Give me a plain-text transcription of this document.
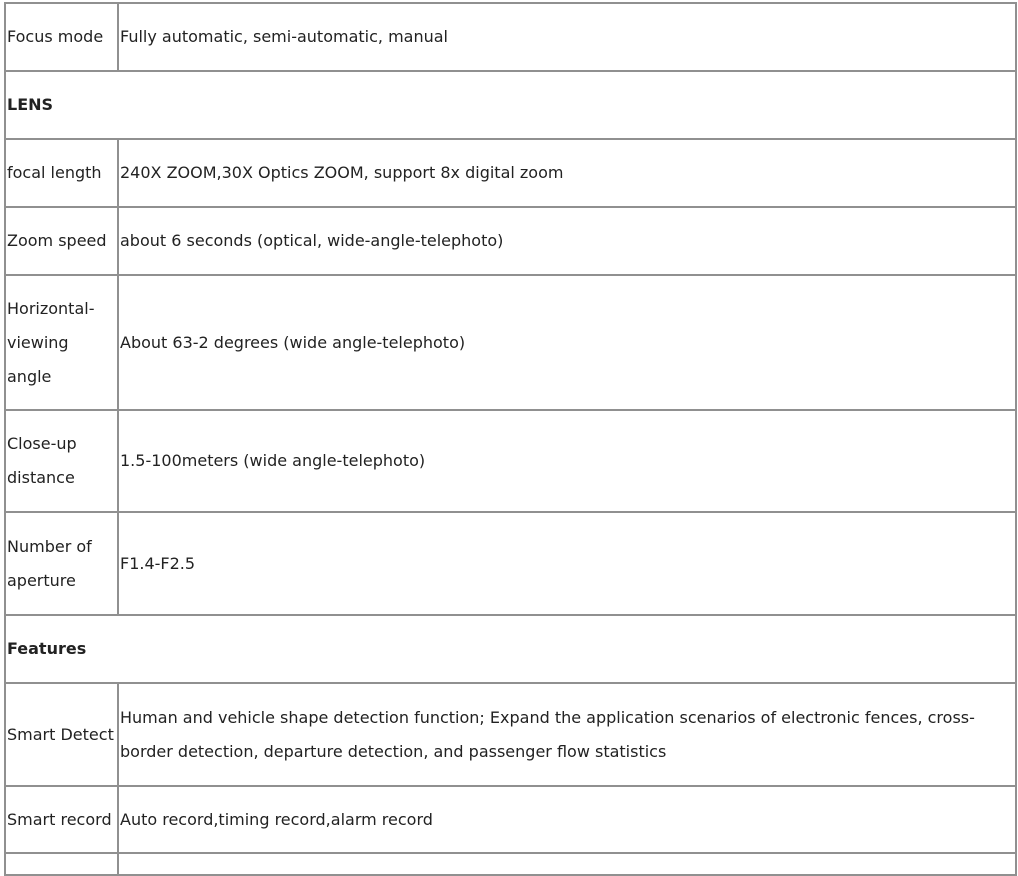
Focus mode	Fully automatic, semi-automatic, manual
LENS	
focal length	240X ZOOM,30X Optics ZOOM, support 8x digital zoom
Zoom speed	about 6 seconds (optical, wide-angle-telephoto)
Horizontal-viewing angle	About 63-2 degrees (wide angle-telephoto)
Close-up distance	1.5-100meters (wide angle-telephoto)
Number of aperture	F1.4-F2.5
Features	
Smart Detect	Human and vehicle shape detection function; Expand the application scenarios of electronic fences, cross-border detection, departure detection, and passenger flow statistics
Smart record	Auto record,timing record,alarm record
